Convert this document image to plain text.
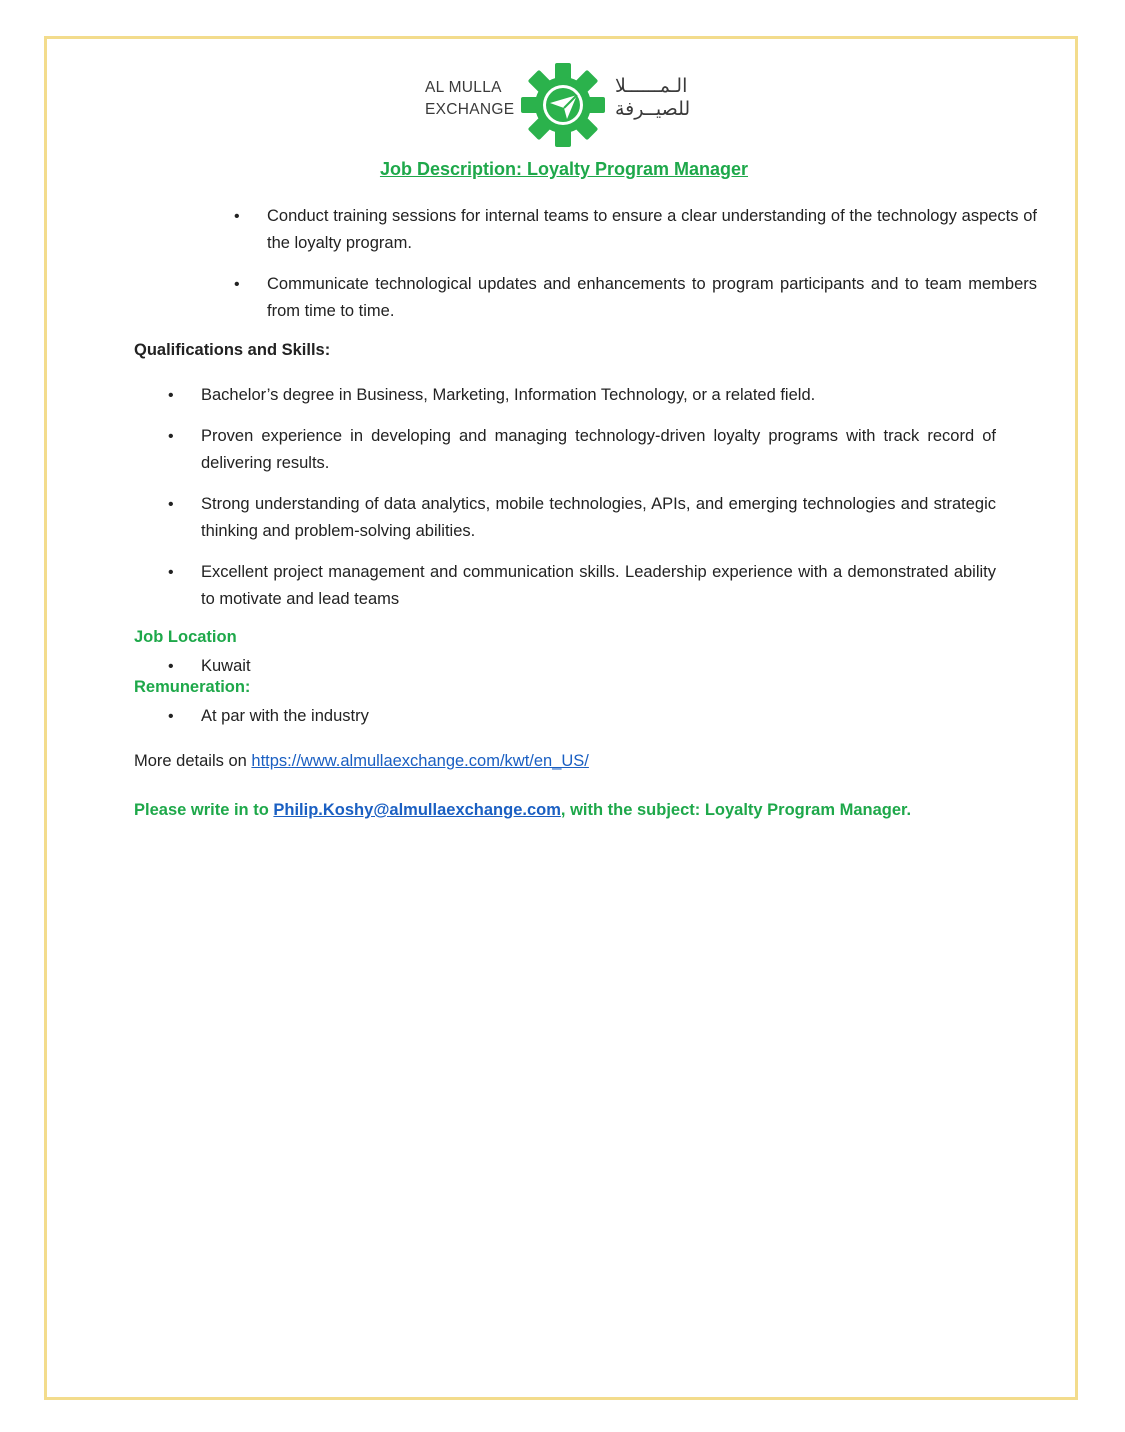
AL MULLA
EXCHANGE
الـمــــــلا
للصيــرفة
Job Description: Loyalty Program Manager
• Conduct training sessions for internal teams to ensure a clear understanding of the technology aspects of the loyalty program.
• Communicate technological updates and enhancements to program participants and to team members from time to time.
Qualifications and Skills:
• Bachelor’s degree in Business, Marketing, Information Technology, or a related field.
• Proven experience in developing and managing technology-driven loyalty programs with track record of delivering results.
• Strong understanding of data analytics, mobile technologies, APIs, and emerging technologies and strategic thinking and problem-solving abilities.
• Excellent project management and communication skills. Leadership experience with a demonstrated ability to motivate and lead teams
Job Location
• Kuwait
Remuneration:
• At par with the industry
More details on https://www.almullaexchange.com/kwt/en_US/
Please write in to Philip.Koshy@almullaexchange.com, with the subject: Loyalty Program Manager.
